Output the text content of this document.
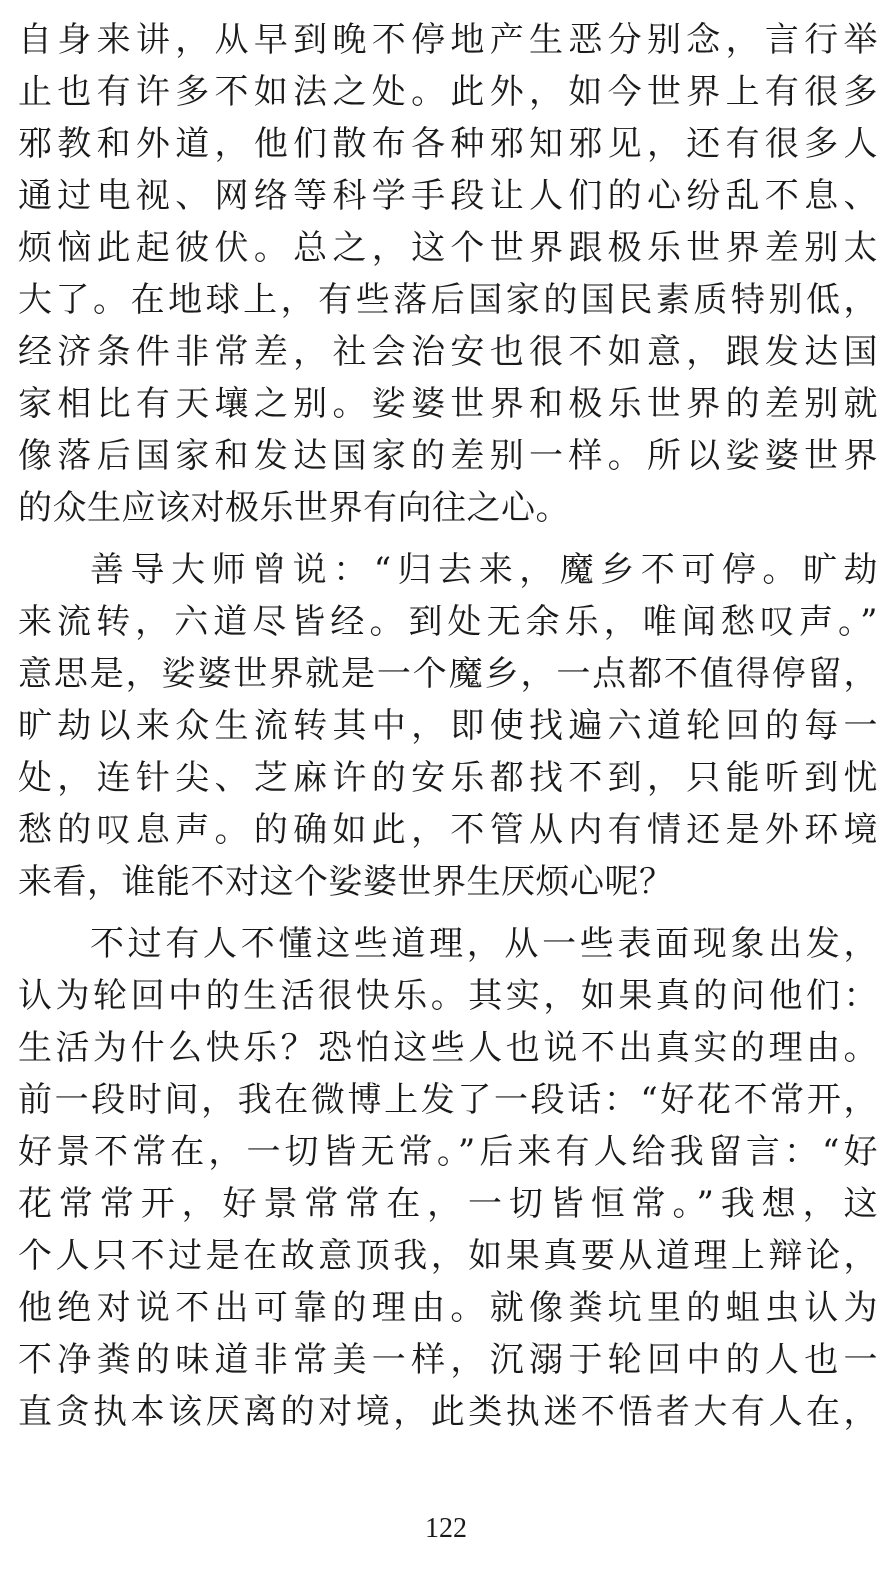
自身来讲，从早到晚不停地产生恶分别念，言行举
止也有许多不如法之处。此外，如今世界上有很多
邪教和外道，他们散布各种邪知邪见，还有很多人
通过电视、网络等科学手段让人们的心纷乱不息、
烦恼此起彼伏。总之，这个世界跟极乐世界差别太
大了。在地球上，有些落后国家的国民素质特别低，
经济条件非常差，社会治安也很不如意，跟发达国
家相比有天壤之别。娑婆世界和极乐世界的差别就
像落后国家和发达国家的差别一样。所以娑婆世界
的众生应该对极乐世界有向往之心。
善导大师曾说：“归去来，魔乡不可停。旷劫
来流转，六道尽皆经。到处无余乐，唯闻愁叹声。”
意思是，娑婆世界就是一个魔乡，一点都不值得停留，
旷劫以来众生流转其中，即使找遍六道轮回的每一
处，连针尖、芝麻许的安乐都找不到，只能听到忧
愁的叹息声。的确如此，不管从内有情还是外环境
来看，谁能不对这个娑婆世界生厌烦心呢？
不过有人不懂这些道理，从一些表面现象出发，
认为轮回中的生活很快乐。其实，如果真的问他们：
生活为什么快乐？恐怕这些人也说不出真实的理由。
前一段时间，我在微博上发了一段话：“好花不常开，
好景不常在，一切皆无常。”后来有人给我留言：“好
花常常开，好景常常在，一切皆恒常。”我想，这
个人只不过是在故意顶我，如果真要从道理上辩论，
他绝对说不出可靠的理由。就像粪坑里的蛆虫认为
不净粪的味道非常美一样，沉溺于轮回中的人也一
直贪执本该厌离的对境，此类执迷不悟者大有人在，
122
